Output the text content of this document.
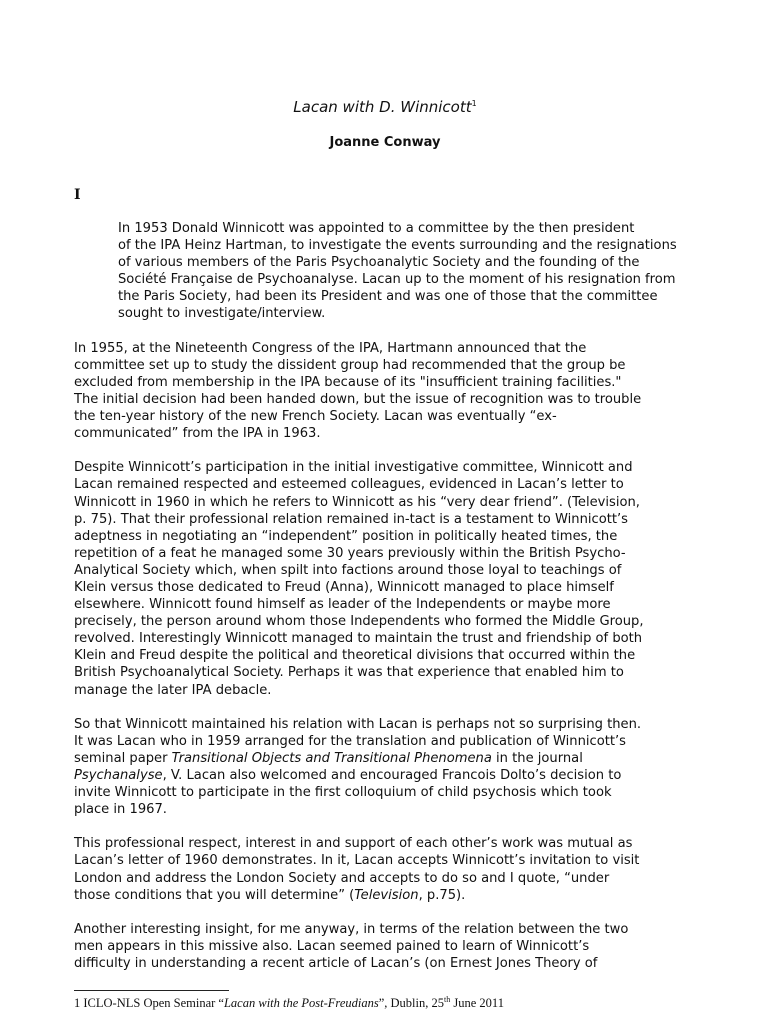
Lacan with D. Winnicott$^1$
Joanne Conway
I

In 1953 Donald Winnicott was appointed to a committee by the then president
of the IPA Heinz Hartman, to investigate the events surrounding and the resignations
of various members of the Paris Psychoanalytic Society and the founding of the
Société Française de Psychoanalyse. Lacan up to the moment of his resignation from
the Paris Society, had been its President and was one of those that the committee
sought to investigate/interview.

In 1955, at the Nineteenth Congress of the IPA, Hartmann announced that the
committee set up to study the dissident group had recommended that the group be
excluded from membership in the IPA because of its "insufficient training facilities."
The initial decision had been handed down, but the issue of recognition was to trouble
the ten-year history of the new French Society. Lacan was eventually “ex-
communicated” from the IPA in 1963.

Despite Winnicott’s participation in the initial investigative committee, Winnicott and
Lacan remained respected and esteemed colleagues, evidenced in Lacan’s letter to
Winnicott in 1960 in which he refers to Winnicott as his “very dear friend”. (Television,
p. 75). That their professional relation remained in-tact is a testament to Winnicott’s
adeptness in negotiating an “independent” position in politically heated times, the
repetition of a feat he managed some 30 years previously within the British Psycho-
Analytical Society which, when spilt into factions around those loyal to teachings of
Klein versus those dedicated to Freud (Anna), Winnicott managed to place himself
elsewhere. Winnicott found himself as leader of the Independents or maybe more
precisely, the person around whom those Independents who formed the Middle Group,
revolved. Interestingly Winnicott managed to maintain the trust and friendship of both
Klein and Freud despite the political and theoretical divisions that occurred within the
British Psychoanalytical Society. Perhaps it was that experience that enabled him to
manage the later IPA debacle.

So that Winnicott maintained his relation with Lacan is perhaps not so surprising then.
It was Lacan who in 1959 arranged for the translation and publication of Winnicott’s
seminal paper Transitional Objects and Transitional Phenomena in the journal
Psychanalyse, V. Lacan also welcomed and encouraged Francois Dolto’s decision to
invite Winnicott to participate in the first colloquium of child psychosis which took
place in 1967.

This professional respect, interest in and support of each other’s work was mutual as
Lacan’s letter of 1960 demonstrates. In it, Lacan accepts Winnicott’s invitation to visit
London and address the London Society and accepts to do so and I quote, “under
those conditions that you will determine” (Television, p.75).

Another interesting insight, for me anyway, in terms of the relation between the two
men appears in this missive also. Lacan seemed pained to learn of Winnicott’s
difficulty in understanding a recent article of Lacan’s (on Ernest Jones Theory of

1 ICLO-NLS Open Seminar “Lacan with the Post-Freudians”, Dublin, 25th June 2011
